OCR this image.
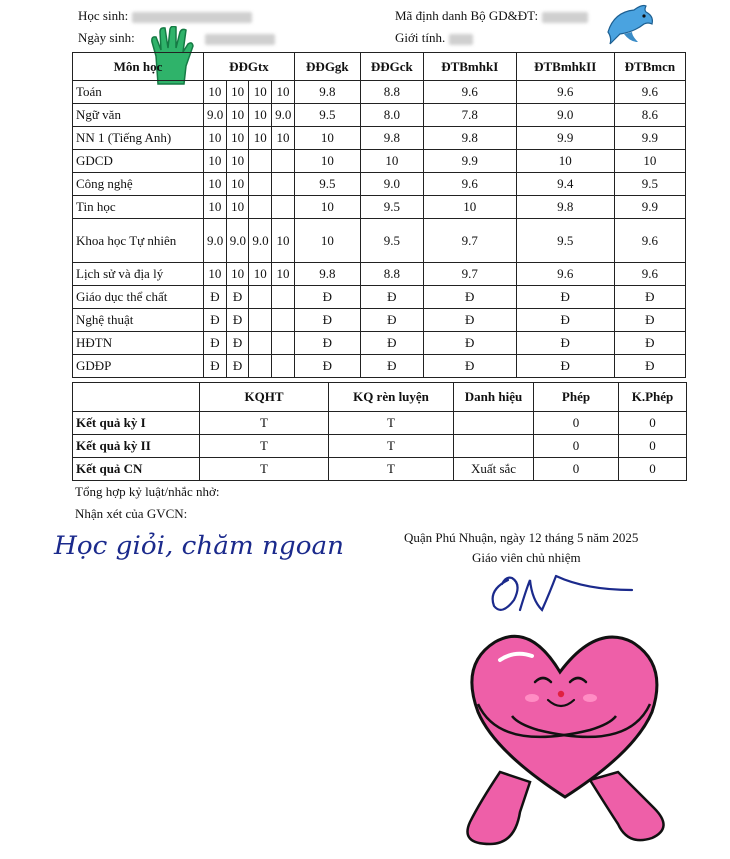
Học sinh:
Ngày sinh:
Mã định danh Bộ GD&ĐT:
Giới tính.
Môn học	ĐĐGtx				ĐĐGgk	ĐĐGck	ĐTBmhkI	ĐTBmhkII	ĐTBmcn
Toán	10	10	10	10	9.8	8.8	9.6	9.6	9.6
Ngữ văn	9.0	10	10	9.0	9.5	8.0	7.8	9.0	8.6
NN 1 (Tiếng Anh)	10	10	10	10	10	9.8	9.8	9.9	9.9
GDCD	10	10			10	10	9.9	10	10
Công nghệ	10	10			9.5	9.0	9.6	9.4	9.5
Tin học	10	10			10	9.5	10	9.8	9.9
Khoa học Tự nhiên	9.0	9.0	9.0	10	10	9.5	9.7	9.5	9.6
Lịch sử và địa lý	10	10	10	10	9.8	8.8	9.7	9.6	9.6
Giáo dục thể chất	Đ	Đ			Đ	Đ	Đ	Đ	Đ
Nghệ thuật	Đ	Đ			Đ	Đ	Đ	Đ	Đ
HĐTN	Đ	Đ			Đ	Đ	Đ	Đ	Đ
GDĐP	Đ	Đ			Đ	Đ	Đ	Đ	Đ
	KQHT	KQ rèn luyện	Danh hiệu	Phép	K.Phép
Kết quả kỳ I	T	T		0	0
Kết quả kỳ II	T	T		0	0
Kết quả CN	T	T	Xuất sắc	0	0
Tổng hợp kỷ luật/nhắc nhở:
Nhận xét của GVCN:
Quận Phú Nhuận, ngày 12 tháng 5 năm 2025
Giáo viên chủ nhiệm
Học giỏi, chăm ngoan
